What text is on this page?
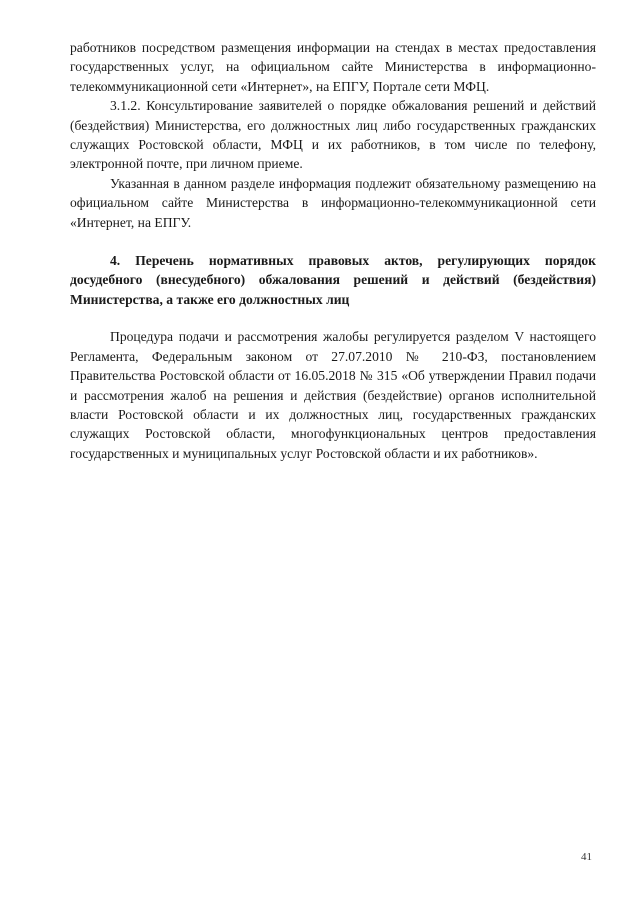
работников посредством размещения информации на стендах в местах предоставления государственных услуг, на официальном сайте Министерства в информационно-телекоммуникационной сети «Интернет», на ЕПГУ, Портале сети МФЦ.

3.1.2. Консультирование заявителей о порядке обжалования решений и действий (бездействия) Министерства, его должностных лиц либо государственных гражданских служащих Ростовской области, МФЦ и их работников, в том числе по телефону, электронной почте, при личном приеме.

Указанная в данном разделе информация подлежит обязательному размещению на официальном сайте Министерства в информационно-телекоммуникационной сети «Интернет, на ЕПГУ.

4. Перечень нормативных правовых актов, регулирующих порядок досудебного (внесудебного) обжалования решений и действий (бездействия) Министерства, а также его должностных лиц

Процедура подачи и рассмотрения жалобы регулируется разделом V настоящего Регламента, Федеральным законом от 27.07.2010 № 210-ФЗ, постановлением Правительства Ростовской области от 16.05.2018 № 315 «Об утверждении Правил подачи и рассмотрения жалоб на решения и действия (бездействие) органов исполнительной власти Ростовской области и их должностных лиц, государственных гражданских служащих Ростовской области, многофункциональных центров предоставления государственных и муниципальных услуг Ростовской области и их работников».

41
